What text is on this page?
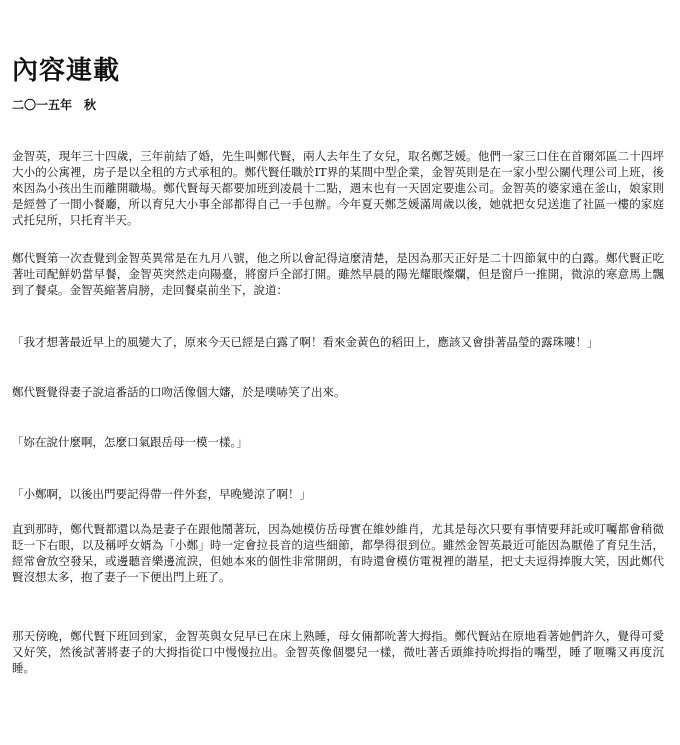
內容連載
二〇一五年　秋

金智英，現年三十四歲，三年前結了婚，先生叫鄭代賢，兩人去年生了女兒，取名鄭芝媛。他們一家三口住在首爾郊區二十四坪大小的公寓裡，房子是以全租的方式承租的。鄭代賢任職於IT界的某間中型企業，金智英則是在一家小型公關代理公司上班，後來因為小孩出生而離開職場。鄭代賢每天都要加班到凌晨十二點，週末也有一天固定要進公司。金智英的婆家遠在釜山，娘家則是經營了一間小餐廳，所以育兒大小事全部都得自己一手包辦。今年夏天鄭芝媛滿周歲以後，她就把女兒送進了社區一樓的家庭式托兒所，只托育半天。

鄭代賢第一次查覺到金智英異常是在九月八號，他之所以會記得這麼清楚，是因為那天正好是二十四節氣中的白露。鄭代賢正吃著吐司配鮮奶當早餐，金智英突然走向陽臺，將窗戶全部打開。雖然早晨的陽光耀眼燦爛，但是窗戶一推開，微涼的寒意馬上飄到了餐桌。金智英縮著肩膀，走回餐桌前坐下，說道：

「我才想著最近早上的風變大了，原來今天已經是白露了啊！看來金黃色的稻田上，應該又會掛著晶瑩的露珠嘍！」

鄭代賢覺得妻子說這番話的口吻活像個大嬸，於是噗哧笑了出來。

「妳在說什麼啊，怎麼口氣跟岳母一模一樣。」

「小鄭啊，以後出門要記得帶一件外套，早晚變涼了啊！」

直到那時，鄭代賢都還以為是妻子在跟他鬧著玩，因為她模仿岳母實在維妙維肖，尤其是每次只要有事情要拜託或叮囑都會稍微眨一下右眼，以及稱呼女婿為「小鄭」時一定會拉長音的這些細節，都學得很到位。雖然金智英最近可能因為厭倦了育兒生活，經常會放空發呆，或邊聽音樂邊流淚，但她本來的個性非常開朗，有時還會模仿電視裡的諧星，把丈夫逗得捧腹大笑，因此鄭代賢沒想太多，抱了妻子一下便出門上班了。

那天傍晚，鄭代賢下班回到家，金智英與女兒早已在床上熟睡，母女倆都吮著大拇指。鄭代賢站在原地看著她們許久，覺得可愛又好笑，然後試著將妻子的大拇指從口中慢慢拉出。金智英像個嬰兒一樣，微吐著舌頭維持吮拇指的嘴型，睡了咂嘴又再度沉睡。
